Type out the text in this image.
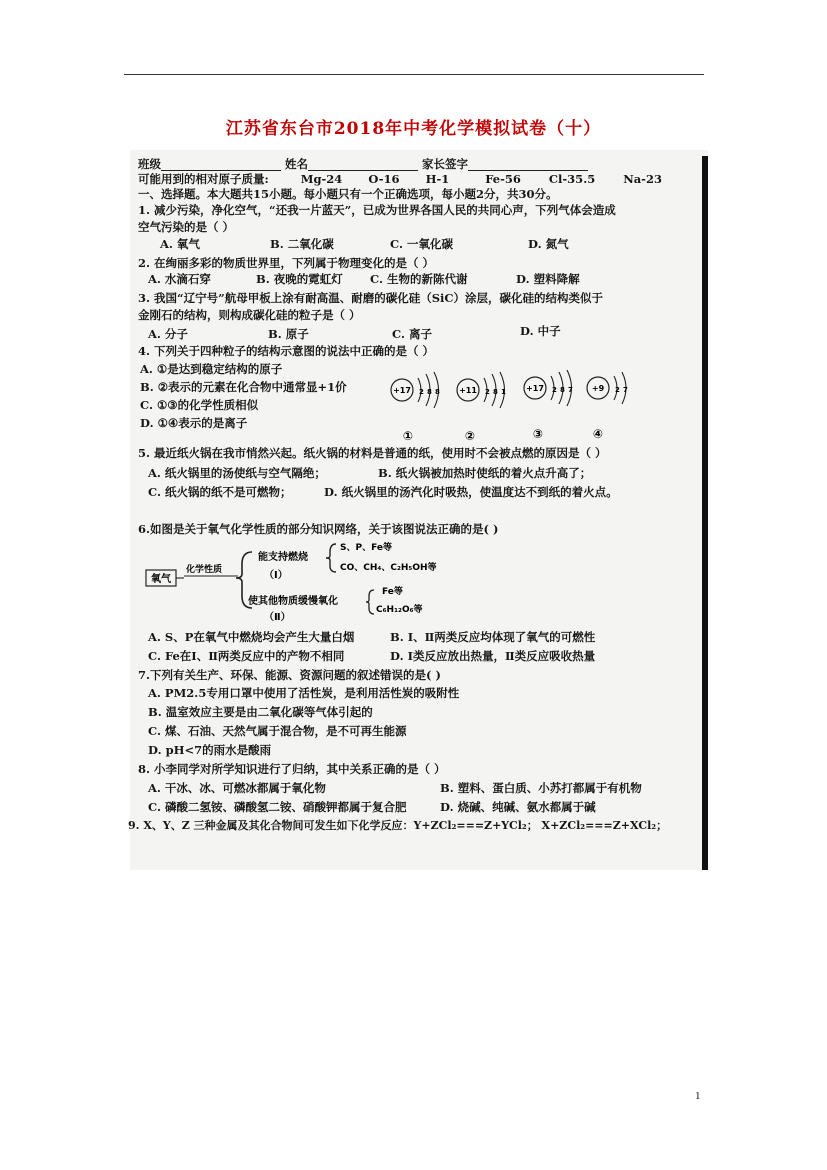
江苏省东台市2018年中考化学模拟试卷（十）
班级	姓名	家长签字
可能用到的相对原子质量:	Mg-24 O-16 H-1	Fe-56 Cl-35.5 Na-23
一、选择题。本大题共15小题。每小题只有一个正确选项，每小题2分，共30分。
1. 减少污染，净化空气，“还我一片蓝天”，已成为世界各国人民的共同心声，下列气体会造成
空气污染的是（ ）
A. 氧气	B. 二氧化碳	C. 一氧化碳	D. 氮气
2. 在绚丽多彩的物质世界里，下列属于物理变化的是（ ）
A. 水滴石穿	B. 夜晚的霓虹灯 C. 生物的新陈代谢	D. 塑料降解
3. 我国“辽宁号”航母甲板上涂有耐高温、耐磨的碳化硅（SiC）涂层，碳化硅的结构类似于
金刚石的结构，则构成碳化硅的粒子是（ ）
A. 分子	B. 原子	C. 离子	D. 中子
4. 下列关于四种粒子的结构示意图的说法中正确的是（ ）
A. ①是达到稳定结构的原子
B. ②表示的元素在化合物中通常显+1价
C. ①③的化学性质相似
D. ①④表示的是离子
+17 2 8 8
①
+11 2 8 1
②
+17 2 8 7
③
+9 2 7
④
5. 最近纸火锅在我市悄然兴起。纸火锅的材料是普通的纸，使用时不会被点燃的原因是（ ）
A. 纸火锅里的汤使纸与空气隔绝；	B. 纸火锅被加热时使纸的着火点升高了；
C. 纸火锅的纸不是可燃物；	D. 纸火锅里的汤汽化时吸热，使温度达不到纸的着火点。
6.如图是关于氧气化学性质的部分知识网络，关于该图说法正确的是( )
氧气
化学性质
能支持燃烧
（Ⅰ）
S、P、Fe等
CO、CH₄、C₂H₅OH等
使其他物质缓慢氧化
（Ⅱ）
Fe等
C₆H₁₂O₆等
A. S、P在氧气中燃烧均会产生大量白烟	B. Ⅰ、Ⅱ两类反应均体现了氧气的可燃性
C. Fe在Ⅰ、Ⅱ两类反应中的产物不相同	D. Ⅰ类反应放出热量，Ⅱ类反应吸收热量
7.下列有关生产、环保、能源、资源问题的叙述错误的是( )
A. PM2.5专用口罩中使用了活性炭，是利用活性炭的吸附性
B. 温室效应主要是由二氧化碳等气体引起的
C. 煤、石油、天然气属于混合物，是不可再生能源
D. pH<7的雨水是酸雨
8. 小李同学对所学知识进行了归纳，其中关系正确的是（ ）
A. 干冰、冰、可燃冰都属于氧化物	B. 塑料、蛋白质、小苏打都属于有机物
C. 磷酸二氢铵、磷酸氢二铵、硝酸钾都属于复合肥	D. 烧碱、纯碱、氨水都属于碱
9. X、Y、Z 三种金属及其化合物间可发生如下化学反应：Y+ZCl₂===Z+YCl₂； X+ZCl₂===Z+XCl₂；
1
